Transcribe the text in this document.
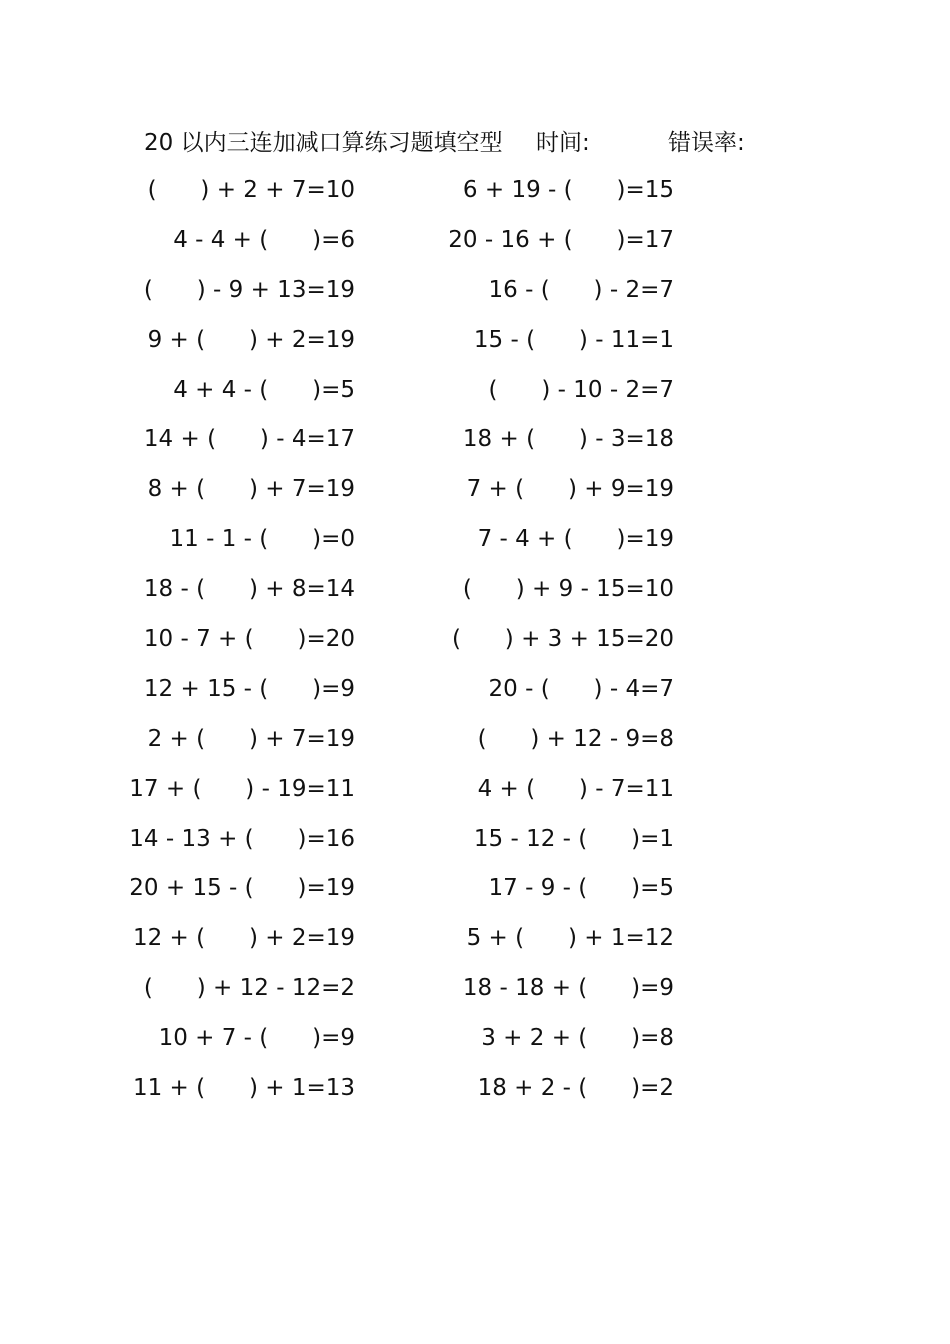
20 以内三连加减口算练习题填空型 时间:	错误率:
(      ) + 2 + 7=10	6 + 19 - (      )=15
4 - 4 + (      )=6	20 - 16 + (      )=17
(      ) - 9 + 13=19	16 - (      ) - 2=7
9 + (      ) + 2=19	15 - (      ) - 11=1
4 + 4 - (      )=5	(      ) - 10 - 2=7
14 + (      ) - 4=17	18 + (      ) - 3=18
8 + (      ) + 7=19	7 + (      ) + 9=19
11 - 1 - (      )=0	7 - 4 + (      )=19
18 - (      ) + 8=14	(      ) + 9 - 15=10
10 - 7 + (      )=20	(      ) + 3 + 15=20
12 + 15 - (      )=9	20 - (      ) - 4=7
2 + (      ) + 7=19	(      ) + 12 - 9=8
17 + (      ) - 19=11	4 + (      ) - 7=11
14 - 13 + (      )=16	15 - 12 - (      )=1
20 + 15 - (      )=19	17 - 9 - (      )=5
12 + (      ) + 2=19	5 + (      ) + 1=12
(      ) + 12 - 12=2	18 - 18 + (      )=9
10 + 7 - (      )=9	3 + 2 + (      )=8
11 + (      ) + 1=13	18 + 2 - (      )=2
